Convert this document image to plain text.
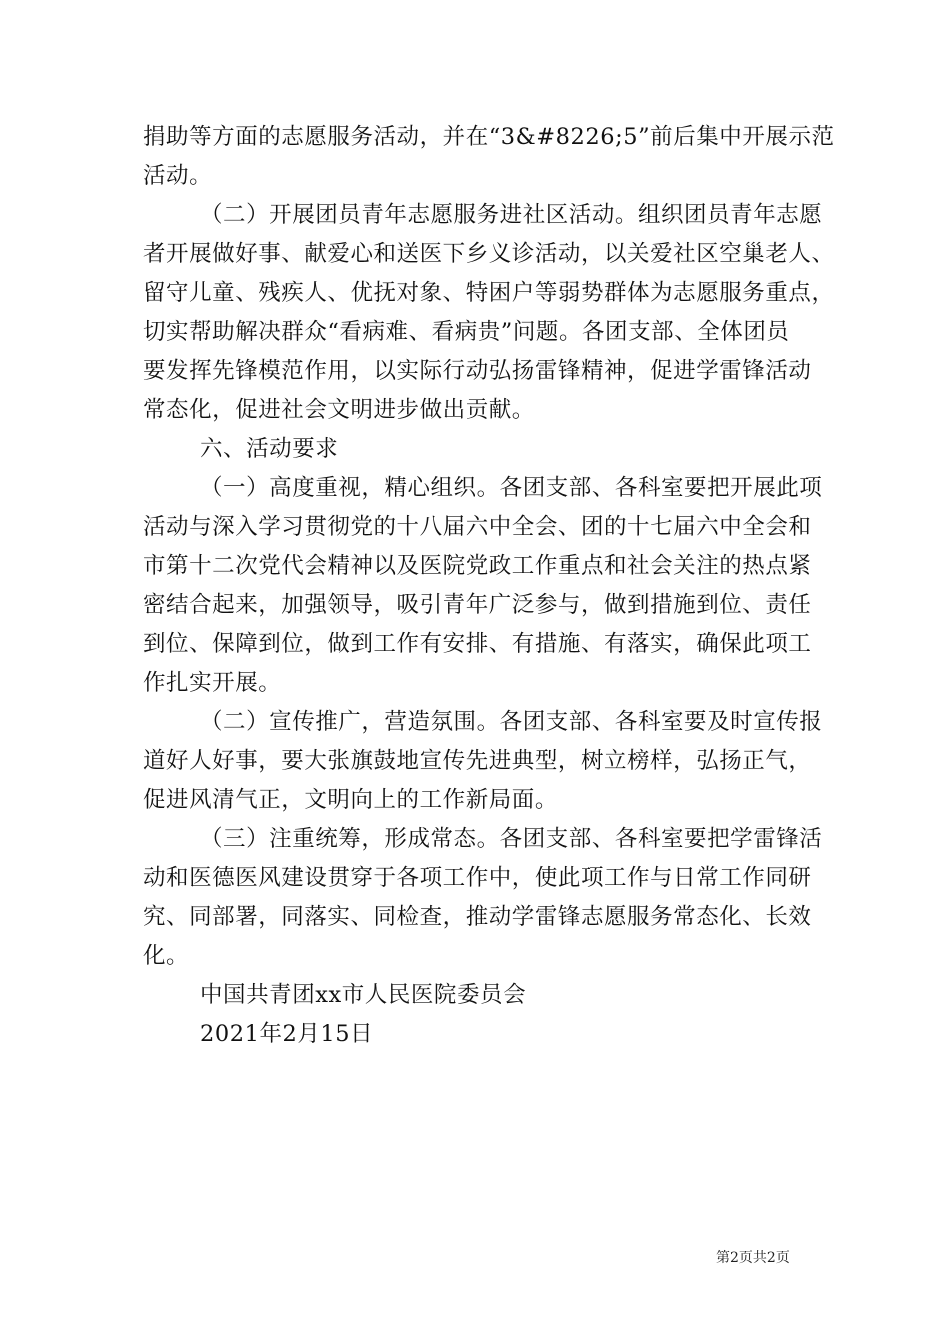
捐助等方面的志愿服务活动，并在“3&#8226;5”前后集中开展示范
活动。
（二）开展团员青年志愿服务进社区活动。组织团员青年志愿
者开展做好事、献爱心和送医下乡义诊活动，以关爱社区空巢老人、
留守儿童、残疾人、优抚对象、特困户等弱势群体为志愿服务重点，
切实帮助解决群众“看病难、看病贵”问题。各团支部、全体团员
要发挥先锋模范作用，以实际行动弘扬雷锋精神，促进学雷锋活动
常态化，促进社会文明进步做出贡献。
六、活动要求
（一）高度重视，精心组织。各团支部、各科室要把开展此项
活动与深入学习贯彻党的十八届六中全会、团的十七届六中全会和
市第十二次党代会精神以及医院党政工作重点和社会关注的热点紧
密结合起来，加强领导，吸引青年广泛参与，做到措施到位、责任
到位、保障到位，做到工作有安排、有措施、有落实，确保此项工
作扎实开展。
（二）宣传推广，营造氛围。各团支部、各科室要及时宣传报
道好人好事，要大张旗鼓地宣传先进典型，树立榜样，弘扬正气，
促进风清气正，文明向上的工作新局面。
（三）注重统筹，形成常态。各团支部、各科室要把学雷锋活
动和医德医风建设贯穿于各项工作中，使此项工作与日常工作同研
究、同部署，同落实、同检查，推动学雷锋志愿服务常态化、长效
化。
中国共青团xx市人民医院委员会
2021年2月15日
第2页共2页
